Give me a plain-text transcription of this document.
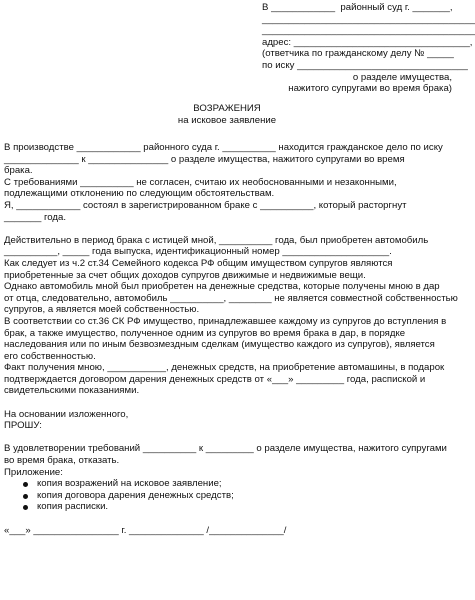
В ____________  районный суд г. _______,
________________________________________
________________________________________
адрес: _________________________________,
(ответчика по гражданскому делу № _____
по иску ________________________________
о разделе имущества,
нажитого супругами во время брака)
ВОЗРАЖЕНИЯ
на исковое заявление
В производстве ____________ районного суда г. __________ находится гражданское дело по иску
______________ к _______________ о разделе имущества, нажитого супругами во время
брака.
С требованиями __________ не согласен, считаю их необоснованными и незаконными,
подлежащими отклонению по следующим обстоятельствам.
Я, ____________ состоял в зарегистрированном браке с __________, который расторгнут
_______ года.
Действительно в период брака с истицей мной, __________ года, был приобретен автомобиль
__________, _____ года выпуска, идентификационный номер ____________________.
Как следует из ч.2 ст.34 Семейного кодекса РФ общим имуществом супругов являются
приобретенные за счет общих доходов супругов движимые и недвижимые вещи.
Однако автомобиль мной был приобретен на денежные средства, которые получены мною в дар
от отца, следовательно, автомобиль __________, ________ не является совместной собственностью
супругов, а является моей собственностью.
В соответствии со ст.36 СК РФ имущество, принадлежавшее каждому из супругов до вступления в
брак, а также имущество, полученное одним из супругов во время брака в дар, в порядке
наследования или по иным безвозмездным сделкам (имущество каждого из супругов), является
его собственностью.
Факт получения мною, ___________, денежных средств, на приобретение автомашины, в подарок
подтверждается договором дарения денежных средств от «___» _________ года, распиской и
свидетельскими показаниями.
На основании изложенного,
ПРОШУ:
В удовлетворении требований __________ к _________ о разделе имущества, нажитого супругами
во время брака, отказать.
Приложение:
копия возражений на исковое заявление;
копия договора дарения денежных средств;
копия расписки.
«___» ________________ г. ______________ /______________/
